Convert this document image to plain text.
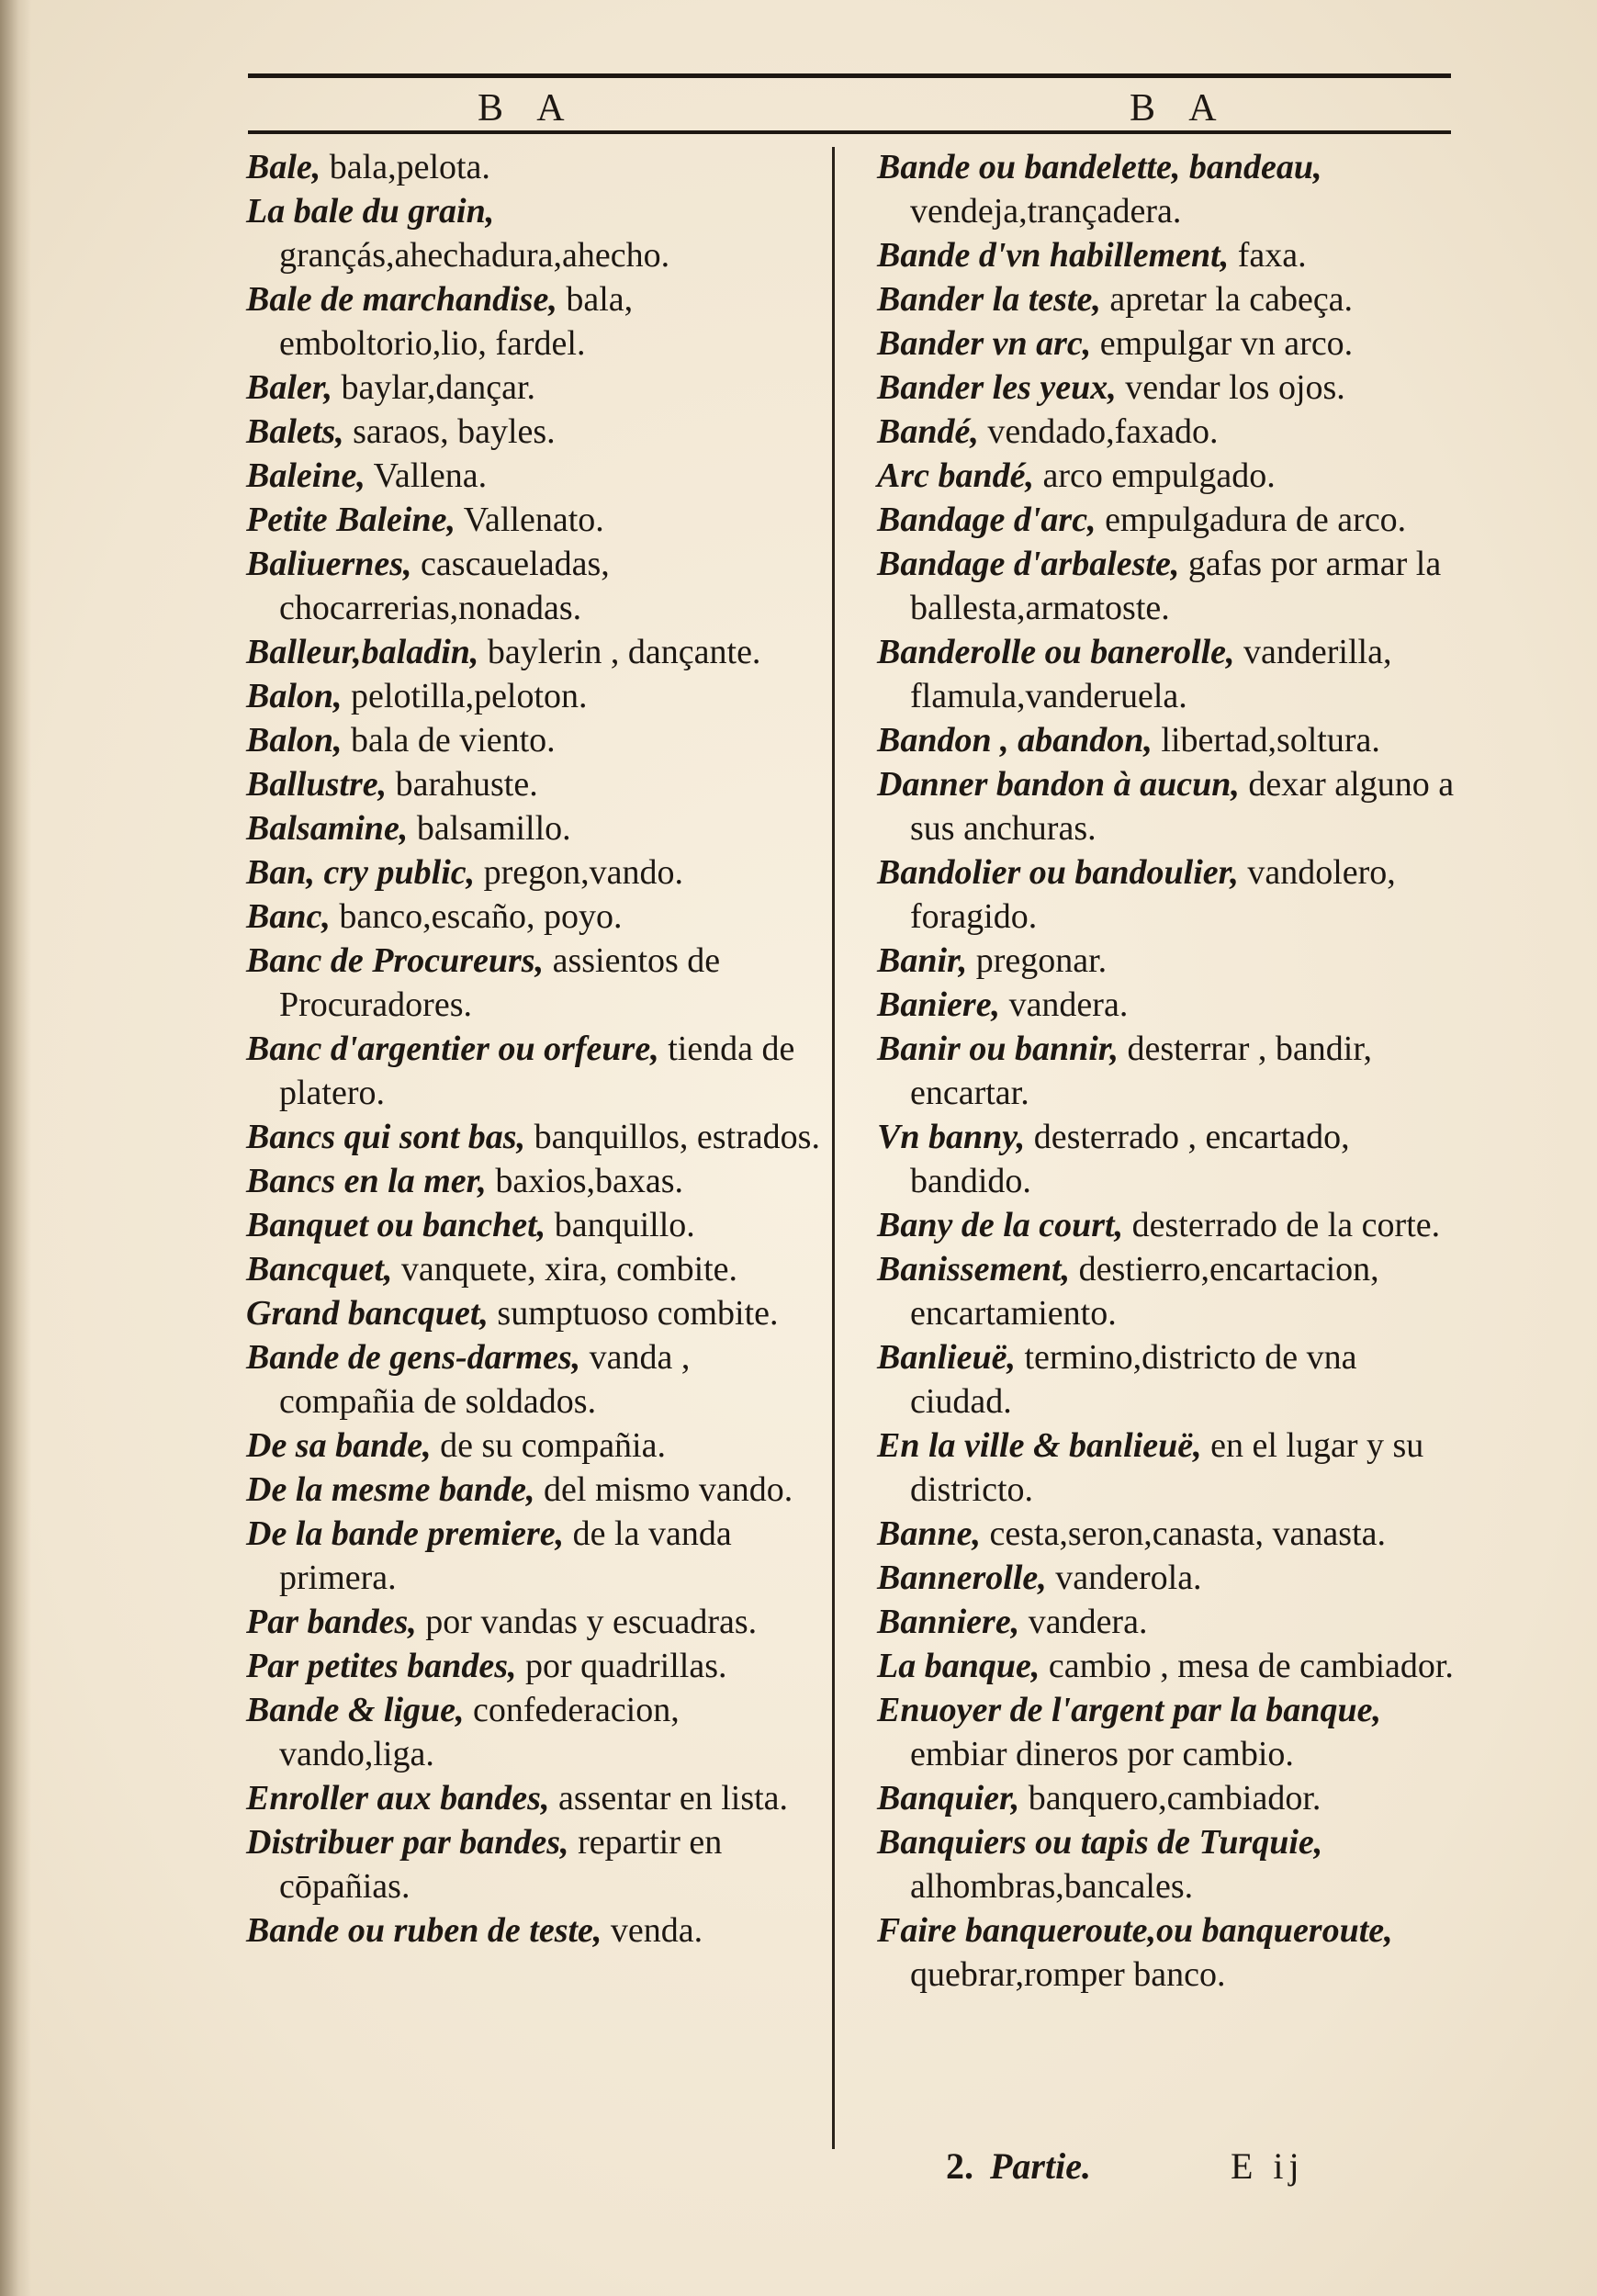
B A	B A

Bale, bala,pelota.

La bale du grain, grançás,ahechadura,ahecho.

Bale de marchandise, bala, emboltorio,lio, fardel.

Baler, baylar,dançar.

Balets, saraos, bayles.

Baleine, Vallena.

Petite Baleine, Vallenato.

Baliuernes, cascaueladas, chocarrerias,nonadas.

Balleur,baladin, baylerin , dançante.

Balon, pelotilla,peloton.

Balon, bala de viento.

Ballustre, barahuste.

Balsamine, balsamillo.

Ban, cry public, pregon,vando.

Banc, banco,escaño, poyo.

Banc de Procureurs, assientos de Procuradores.

Banc d'argentier ou orfeure, tienda de platero.

Bancs qui sont bas, banquillos, estrados.

Bancs en la mer, baxios,baxas.

Banquet ou banchet, banquillo.

Bancquet, vanquete, xira, combite.

Grand bancquet, sumptuoso combite.

Bande de gens-darmes, vanda , compañia de soldados.

De sa bande, de su compañia.

De la mesme bande, del mismo vando.

De la bande premiere, de la vanda primera.

Par bandes, por vandas y escuadras.

Par petites bandes, por quadrillas.

Bande & ligue, confederacion, vando,liga.

Enroller aux bandes, assentar en lista.

Distribuer par bandes, repartir en cōpañias.

Bande ou ruben de teste, venda.

Bande ou bandelette, bandeau, vendeja,trançadera.

Bande d'vn habillement, faxa.

Bander la teste, apretar la cabeça.

Bander vn arc, empulgar vn arco.

Bander les yeux, vendar los ojos.

Bandé, vendado,faxado.

Arc bandé, arco empulgado.

Bandage d'arc, empulgadura de arco.

Bandage d'arbaleste, gafas por armar la ballesta,armatoste.

Banderolle ou banerolle, vanderilla, flamula,vanderuela.

Bandon , abandon, libertad,soltura.

Danner bandon à aucun, dexar alguno a sus anchuras.

Bandolier ou bandoulier, vandolero, foragido.

Banir, pregonar.

Baniere, vandera.

Banir ou bannir, desterrar , bandir, encartar.

Vn banny, desterrado , encartado, bandido.

Bany de la court, desterrado de la corte.

Banissement, destierro,encartacion, encartamiento.

Banlieuë, termino,districto de vna ciudad.

En la ville & banlieuë, en el lugar y su districto.

Banne, cesta,seron,canasta, vanasta.

Bannerolle, vanderola.

Banniere, vandera.

La banque, cambio , mesa de cambiador.

Enuoyer de l'argent par la banque, embiar dineros por cambio.

Banquier, banquero,cambiador.

Banquiers ou tapis de Turquie, alhombras,bancales.

Faire banqueroute,ou banqueroute, quebrar,romper banco.

2. Partie.	E ij
